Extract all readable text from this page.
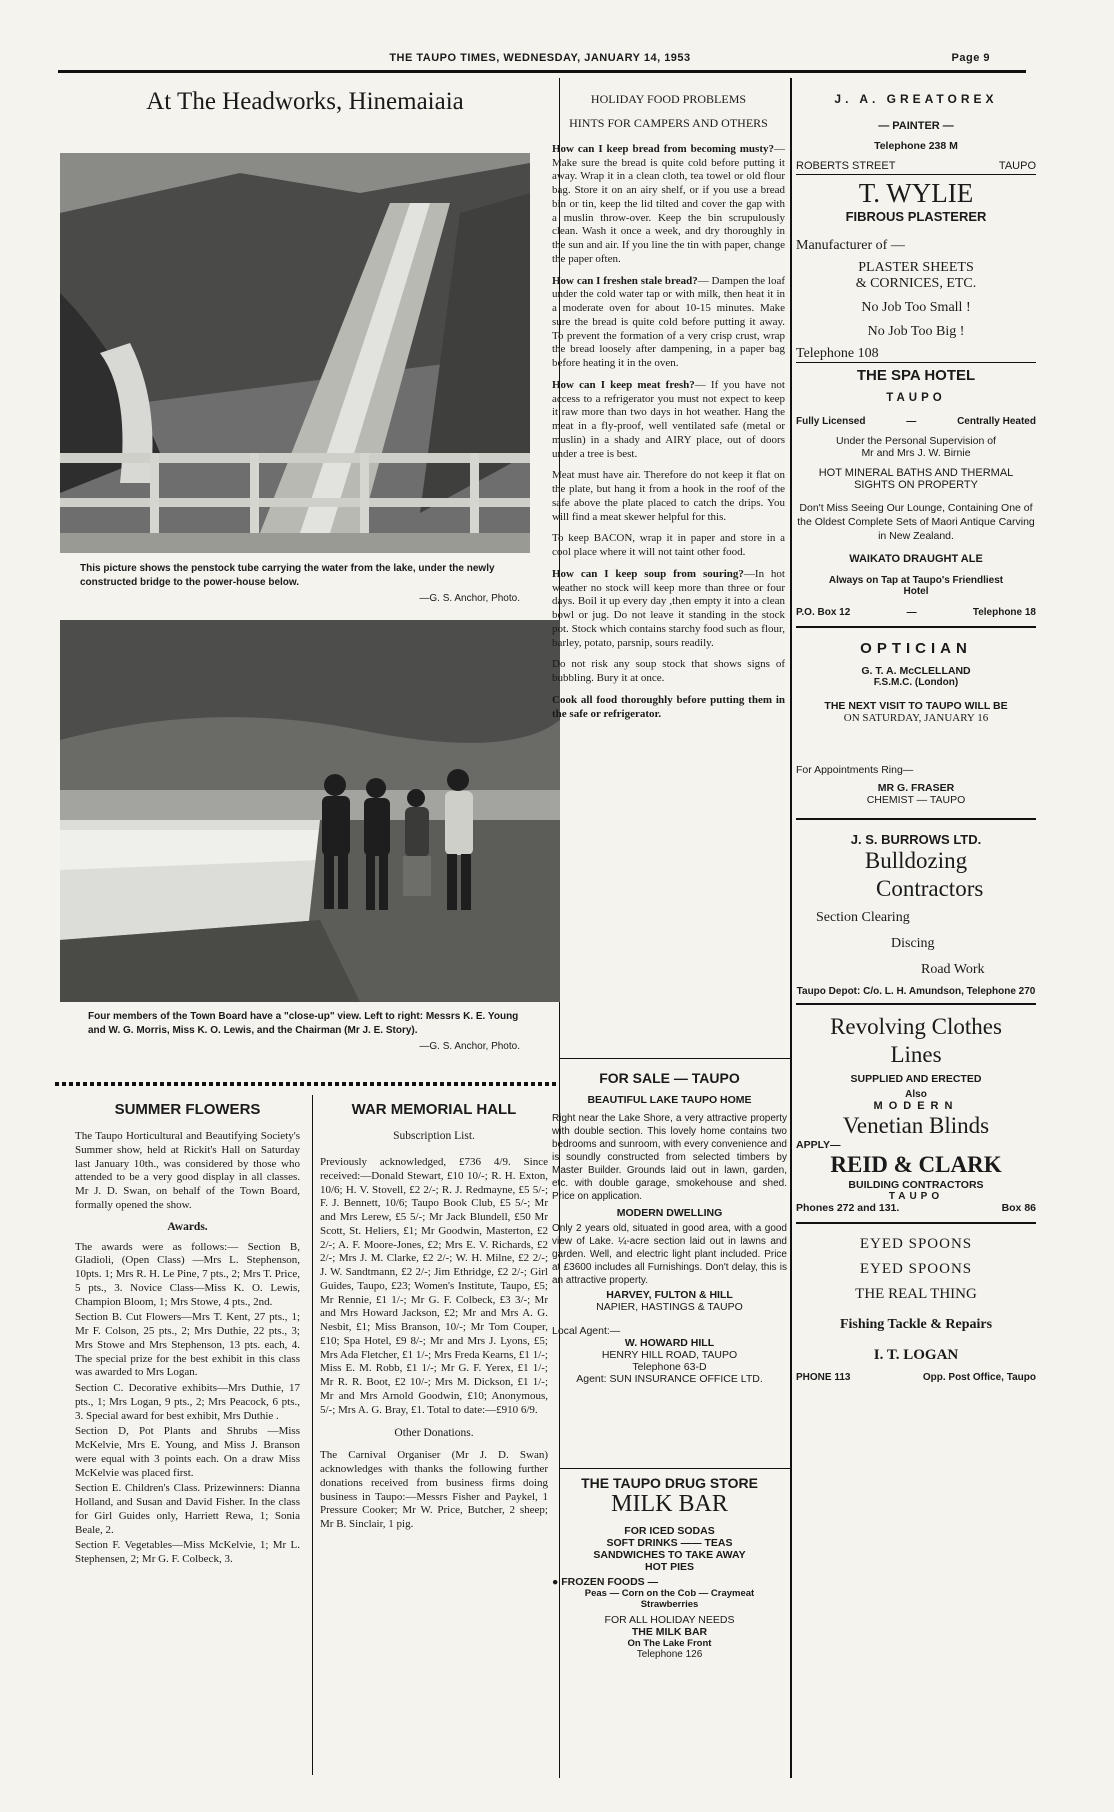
THE TAUPO TIMES, WEDNESDAY, JANUARY 14, 1953	Page 9
At The Headworks, Hinemaiaia
This picture shows the penstock tube carrying the water from the lake, under the newly constructed bridge to the power-house below.
—G. S. Anchor, Photo.
Four members of the Town Board have a "close-up" view. Left to right: Messrs K. E. Young and W. G. Morris, Miss K. O. Lewis, and the Chairman (Mr J. E. Story).
—G. S. Anchor, Photo.
SUMMER FLOWERS

The Taupo Horticultural and Beautifying Society's Summer show, held at Rickit's Hall on Saturday last January 10th., was considered by those who attended to be a very good display in all classes. Mr J. D. Swan, on behalf of the Town Board, formally opened the show.

Awards.

The awards were as follows:— Section B, Gladioli, (Open Class) —Mrs L. Stephenson, 10pts. 1; Mrs R. H. Le Pine, 7 pts., 2; Mrs T. Price, 5 pts., 3. Novice Class—Miss K. O. Lewis, Champion Bloom, 1; Mrs Stowe, 4 pts., 2nd.

Section B. Cut Flowers—Mrs T. Kent, 27 pts., 1; Mr F. Colson, 25 pts., 2; Mrs Duthie, 22 pts., 3; Mrs Stowe and Mrs Stephenson, 13 pts. each, 4. The special prize for the best exhibit in this class was awarded to Mrs Logan.

Section C. Decorative exhibits—Mrs Duthie, 17 pts., 1; Mrs Logan, 9 pts., 2; Mrs Peacock, 6 pts., 3. Special award for best exhibit, Mrs Duthie .

Section D, Pot Plants and Shrubs —Miss McKelvie, Mrs E. Young, and Miss J. Branson were equal with 3 points each. On a draw Miss McKelvie was placed first.

Section E. Children's Class. Prizewinners: Dianna Holland, and Susan and David Fisher. In the class for Girl Guides only, Harriett Rewa, 1; Sonia Beale, 2.

Section F. Vegetables—Miss McKelvie, 1; Mr L. Stephensen, 2; Mr G. F. Colbeck, 3.

WAR MEMORIAL HALL
Subscription List.

Previously acknowledged, £736 4/9. Since received:—Donald Stewart, £10 10/-; R. H. Exton, 10/6; H. V. Stovell, £2 2/-; R. J. Redmayne, £5 5/-; F. J. Bennett, 10/6; Taupo Book Club, £5 5/-; Mr and Mrs Lerew, £5 5/-; Mr Jack Blundell, £50 Mr Scott, St. Heliers, £1; Mr Goodwin, Masterton, £2 2/-; A. F. Moore-Jones, £2; Mrs E. V. Richards, £2 2/-; Mrs J. M. Clarke, £2 2/-; W. H. Milne, £2 2/-; J. W. Sandtmann, £2 2/-; Jim Ethridge, £2 2/-; Girl Guides, Taupo, £23; Women's Institute, Taupo, £5; Mr Rennie, £1 1/-; Mr G. F. Colbeck, £3 3/-; Mr and Mrs Howard Jackson, £2; Mr and Mrs A. G. Nesbit, £1; Miss Branson, 10/-; Mr Tom Couper, £10; Spa Hotel, £9 8/-; Mr and Mrs J. Lyons, £5; Mrs Ada Fletcher, £1 1/-; Mrs Freda Kearns, £1 1/-; Miss E. M. Robb, £1 1/-; Mr G. F. Yerex, £1 1/-; Mr R. R. Boot, £2 10/-; Mrs M. Dickson, £1 1/-; Mr and Mrs Arnold Goodwin, £10; Anonymous, 5/-; Mrs A. G. Bray, £1. Total to date:—£910 6/9.

Other Donations.

The Carnival Organiser (Mr J. D. Swan) acknowledges with thanks the following further donations received from business firms doing business in Taupo:—Messrs Fisher and Paykel, 1 Pressure Cooker; Mr W. Price, Butcher, 2 sheep; Mr B. Sinclair, 1 pig.

HOLIDAY FOOD PROBLEMS
HINTS FOR CAMPERS AND OTHERS

How can I keep bread from becoming musty?—Make sure the bread is quite cold before putting it away. Wrap it in a clean cloth, tea towel or old flour bag. Store it on an airy shelf, or if you use a bread bin or tin, keep the lid tilted and cover the gap with a muslin throw-over. Keep the bin scrupulously clean. Wash it once a week, and dry thoroughly in the sun and air. If you line the tin with paper, change the paper often.

How can I freshen stale bread?— Dampen the loaf under the cold water tap or with milk, then heat it in a moderate oven for about 10-15 minutes. Make sure the bread is quite cold before putting it away. To prevent the formation of a very crisp crust, wrap the bread loosely after dampening, in a paper bag before heating it in the oven.

How can I keep meat fresh?— If you have not access to a refrigerator you must not expect to keep it raw more than two days in hot weather. Hang the meat in a fly-proof, well ventilated safe (metal or muslin) in a shady and AIRY place, out of doors under a tree is best.

Meat must have air. Therefore do not keep it flat on the plate, but hang it from a hook in the roof of the safe above the plate placed to catch the drips. You will find a meat skewer helpful for this.

To keep BACON, wrap it in paper and store in a cool place where it will not taint other food.

How can I keep soup from souring?—In hot weather no stock will keep more than three or four days. Boil it up every day ,then empty it into a clean bowl or jug. Do not leave it standing in the stock pot. Stock which contains starchy food such as flour, barley, potato, parsnip, sours readily.

Do not risk any soup stock that shows signs of bubbling. Bury it at once.

Cook all food thoroughly before putting them in the safe or refrigerator.

FOR SALE — TAUPO
BEAUTIFUL LAKE TAUPO HOME

Right near the Lake Shore, a very attractive property with double section. This lovely home contains two bedrooms and sunroom, with every convenience and is soundly constructed from selected timbers by Master Builder. Grounds laid out in lawn, garden, etc. with double garage, smokehouse and shed. Price on application.

MODERN DWELLING

Only 2 years old, situated in good area, with a good view of Lake. ¼-acre section laid out in lawns and garden. Well, and electric light plant included. Price at £3600 includes all Furnishings. Don't delay, this is an attractive property.

HARVEY, FULTON & HILL
NAPIER, HASTINGS & TAUPO
Local Agent:—
W. HOWARD HILL
HENRY HILL ROAD, TAUPO
Telephone 63-D
Agent: SUN INSURANCE OFFICE LTD.
THE TAUPO DRUG STORE
MILK BAR
FOR ICED SODAS
SOFT DRINKS —— TEAS
SANDWICHES TO TAKE AWAY
HOT PIES
● FROZEN FOODS —
Peas — Corn on the Cob — Craymeat
Strawberries
FOR ALL HOLIDAY NEEDS
THE MILK BAR
On The Lake Front
Telephone 126
J. A. GREATOREX
— PAINTER —
Telephone 238 M
ROBERTS STREET	TAUPO
T. WYLIE
FIBROUS PLASTERER
Manufacturer of —
PLASTER SHEETS
& CORNICES, ETC.
No Job Too Small !
No Job Too Big !
Telephone 108
THE SPA HOTEL
TAUPO
Fully Licensed	—	Centrally Heated
Under the Personal Supervision of
Mr and Mrs J. W. Birnie
HOT MINERAL BATHS AND THERMAL
SIGHTS ON PROPERTY
Don't Miss Seeing Our Lounge, Containing One of the Oldest Complete Sets of Maori Antique Carving in New Zealand.
WAIKATO DRAUGHT ALE
Always on Tap at Taupo's Friendliest Hotel
P.O. Box 12	—	Telephone 18
OPTICIAN
G. T. A. McCLELLAND
F.S.M.C. (London)
THE NEXT VISIT TO TAUPO WILL BE
ON SATURDAY, JANUARY 16
For Appointments Ring—
MR G. FRASER
CHEMIST — TAUPO
J. S. BURROWS LTD.
Bulldozing
Contractors
Section Clearing
Discing
Road Work
Taupo Depot: C/o. L. H. Amundson, Telephone 270
Revolving Clothes
Lines
SUPPLIED AND ERECTED
Also
MODERN
Venetian Blinds
APPLY—
REID & CLARK
BUILDING CONTRACTORS
TAUPO
Phones 272 and 131.	Box 86
EYED SPOONS
EYED SPOONS
THE REAL THING
Fishing Tackle & Repairs
I. T. LOGAN
PHONE 113	Opp. Post Office, Taupo
